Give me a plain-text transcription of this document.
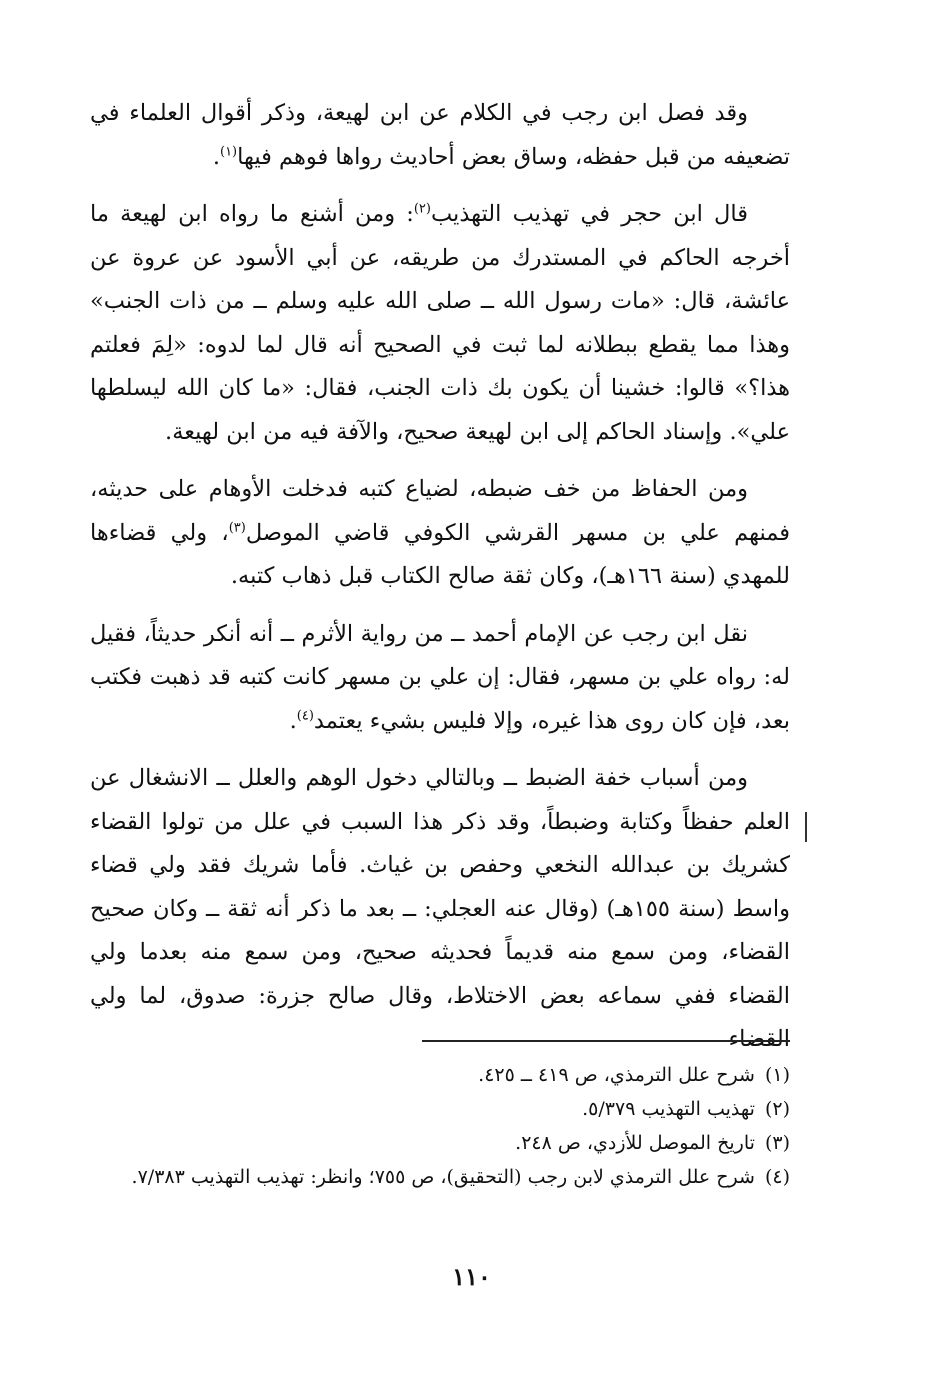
وقد فصل ابن رجب في الكلام عن ابن لهيعة، وذكر أقوال العلماء في تضعيفه من قبل حفظه، وساق بعض أحاديث رواها فوهم فيها$^{(١)}$.

قال ابن حجر في تهذيب التهذيب$^{(٢)}$: ومن أشنع ما رواه ابن لهيعة ما أخرجه الحاكم في المستدرك من طريقه، عن أبي الأسود عن عروة عن عائشة، قال: «مات رسول الله ــ صلى الله عليه وسلم ــ من ذات الجنب» وهذا مما يقطع ببطلانه لما ثبت في الصحيح أنه قال لما لدوه: «لِمَ فعلتم هذا؟» قالوا: خشينا أن يكون بك ذات الجنب، فقال: «ما كان الله ليسلطها علي». وإسناد الحاكم إلى ابن لهيعة صحيح، والآفة فيه من ابن لهيعة.

ومن الحفاظ من خف ضبطه، لضياع كتبه فدخلت الأوهام على حديثه، فمنهم علي بن مسهر القرشي الكوفي قاضي الموصل$^{(٣)}$، ولي قضاءها للمهدي (سنة ١٦٦هـ)، وكان ثقة صالح الكتاب قبل ذهاب كتبه.

نقل ابن رجب عن الإمام أحمد ــ من رواية الأثرم ــ أنه أنكر حديثاً، فقيل له: رواه علي بن مسهر، فقال: إن علي بن مسهر كانت كتبه قد ذهبت فكتب بعد، فإن كان روى هذا غيره، وإلا فليس بشيء يعتمد$^{(٤)}$.

ومن أسباب خفة الضبط ــ وبالتالي دخول الوهم والعلل ــ الانشغال عن العلم حفظاً وكتابة وضبطاً، وقد ذكر هذا السبب في علل من تولوا القضاء كشريك بن عبدالله النخعي وحفص بن غياث. فأما شريك فقد ولي قضاء واسط (سنة ١٥٥هـ) (وقال عنه العجلي: ــ بعد ما ذكر أنه ثقة ــ وكان صحيح القضاء، ومن سمع منه قديماً فحديثه صحيح، ومن سمع منه بعدما ولي القضاء ففي سماعه بعض الاختلاط، وقال صالح جزرة: صدوق، لما ولي القضاء

(١)
شرح علل الترمذي، ص ٤١٩ ــ ٤٢٥.
(٢)
تهذيب التهذيب ٥/٣٧٩.
(٣)
تاريخ الموصل للأزدي، ص ٢٤٨.
(٤)
شرح علل الترمذي لابن رجب (التحقيق)، ص ٧٥٥؛ وانظر: تهذيب التهذيب ٧/٣٨٣.
١١٠
